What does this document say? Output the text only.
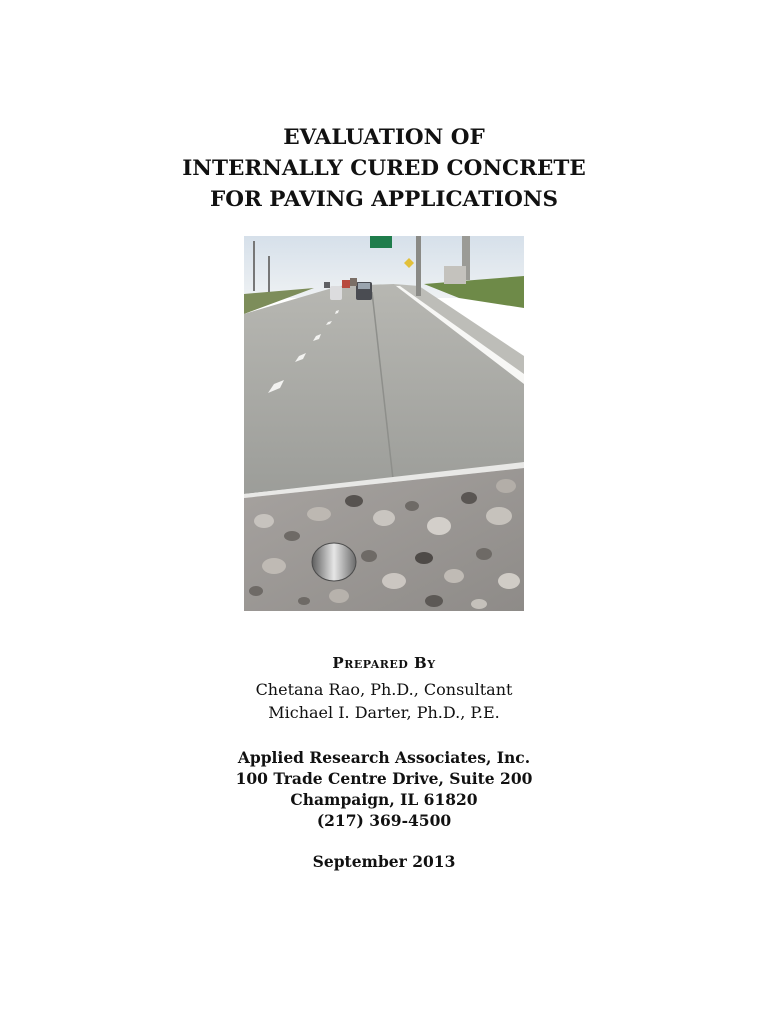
EVALUATION OF
INTERNALLY CURED CONCRETE
FOR PAVING APPLICATIONS
Prepared By
Chetana Rao, Ph.D., Consultant
Michael I. Darter, Ph.D., P.E.
Applied Research Associates, Inc.
100 Trade Centre Drive, Suite 200
Champaign, IL 61820
(217) 369-4500
September 2013
